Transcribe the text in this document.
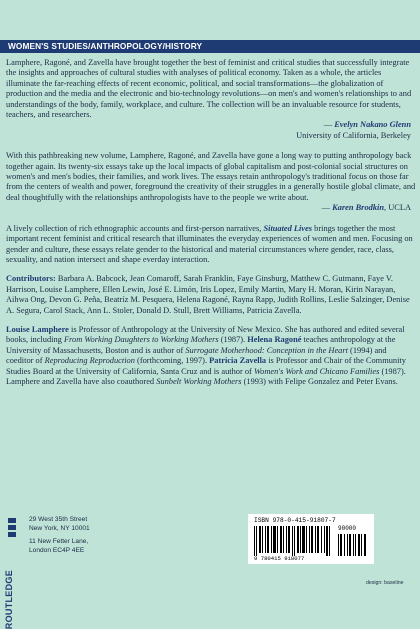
WOMEN'S STUDIES/ANTHROPOLOGY/HISTORY

Lamphere, Ragoné, and Zavella have brought together the best of feminist and critical studies that successfully integrate the insights and approaches of cultural studies with analyses of political economy. Taken as a whole, the articles illuminate the far-reaching effects of recent economic, political, and social transformations—the globalization of production and the media and the electronic and bio-technology revolutions—on men's and women's relationships to and understandings of the body, family, workplace, and culture. The collection will be an invaluable resource for students, teachers, and researchers.

— Evelyn Nakano Glenn

University of California, Berkeley

With this pathbreaking new volume, Lamphere, Ragoné, and Zavella have gone a long way to putting anthropology back together again. Its twenty-six essays take up the local impacts of global capitalism and post-colonial social structures on women's and men's bodies, their families, and work lives. The essays retain anthropology's traditional focus on those far from the centers of wealth and power, foreground the creativity of their struggles in a generally hostile global climate, and deal thoughtfully with the relationships anthropologists have to the people we write about.

— Karen Brodkin, UCLA

A lively collection of rich ethnographic accounts and first-person narratives, Situated Lives brings together the most important recent feminist and critical research that illuminates the everyday experiences of women and men. Focusing on gender and culture, these essays relate gender to the historical and material circumstances where gender, race, class, sexuality, and nation intersect and shape everday interaction.

Contributors: Barbara A. Babcock, Jean Comaroff, Sarah Franklin, Faye Ginsburg, Matthew C. Gutmann, Faye V. Harrison, Louise Lamphere, Ellen Lewin, José E. Limón, Iris Lopez, Emily Martin, Mary H. Moran, Kirin Narayan, Aihwa Ong, Devon G. Peña, Beatríz M. Pesquera, Helena Ragoné, Rayna Rapp, Judith Rollins, Leslie Salzinger, Denise A. Segura, Carol Stack, Ann L. Stoler, Donald D. Stull, Brett Williams, Patricia Zavella.

Louise Lamphere is Professor of Anthropology at the University of New Mexico. She has authored and edited several books, including From Working Daughters to Working Mothers (1987). Helena Ragoné teaches anthropology at the University of Massachusetts, Boston and is author of Surrogate Motherhood: Conception in the Heart (1994) and coeditor of Reproducing Reproduction (forthcoming, 1997). Patricia Zavella is Professor and Chair of the Community Studies Board at the University of California, Santa Cruz and is author of Women's Work and Chicano Families (1987). Lamphere and Zavella have also coauthored Sunbelt Working Mothers (1993) with Felipe Gonzalez and Peter Evans.

ROUTLEDGE
29 West 35th Street
New York, NY 10001
11 New Fetter Lane,
London EC4P 4EE
ISBN 978-0-415-91807-7
90000
9 780415 918077
design: baseline
